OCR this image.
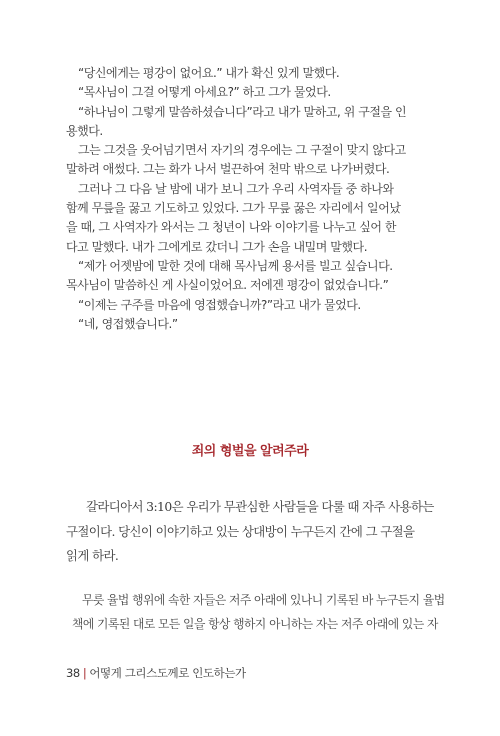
“당신에게는 평강이 없어요.” 내가 확신 있게 말했다.

“목사님이 그걸 어떻게 아세요?” 하고 그가 물었다.

“하나님이 그렇게 말씀하셨습니다”라고 내가 말하고, 위 구절을 인

용했다.

그는 그것을 웃어넘기면서 자기의 경우에는 그 구절이 맞지 않다고

말하려 애썼다. 그는 화가 나서 벌끈하여 천막 밖으로 나가버렸다.

그러나 그 다음 날 밤에 내가 보니 그가 우리 사역자들 중 하나와

함께 무릎을 꿇고 기도하고 있었다. 그가 무릎 꿇은 자리에서 일어났

을 때, 그 사역자가 와서는 그 청년이 나와 이야기를 나누고 싶어 한

다고 말했다. 내가 그에게로 갔더니 그가 손을 내밀며 말했다.

“제가 어젯밤에 말한 것에 대해 목사님께 용서를 빌고 싶습니다.

목사님이 말씀하신 게 사실이었어요. 저에겐 평강이 없었습니다.”

“이제는 구주를 마음에 영접했습니까?”라고 내가 물었다.

“네, 영접했습니다.”

죄의 형벌을 알려주라

갈라디아서 3:10은 우리가 무관심한 사람들을 다룰 때 자주 사용하는

구절이다. 당신이 이야기하고 있는 상대방이 누구든지 간에 그 구절을

읽게 하라.

무릇 율법 행위에 속한 자들은 저주 아래에 있나니 기록된 바 누구든지 율법

책에 기록된 대로 모든 일을 항상 행하지 아니하는 자는 저주 아래에 있는 자

38 | 어떻게 그리스도께로 인도하는가
